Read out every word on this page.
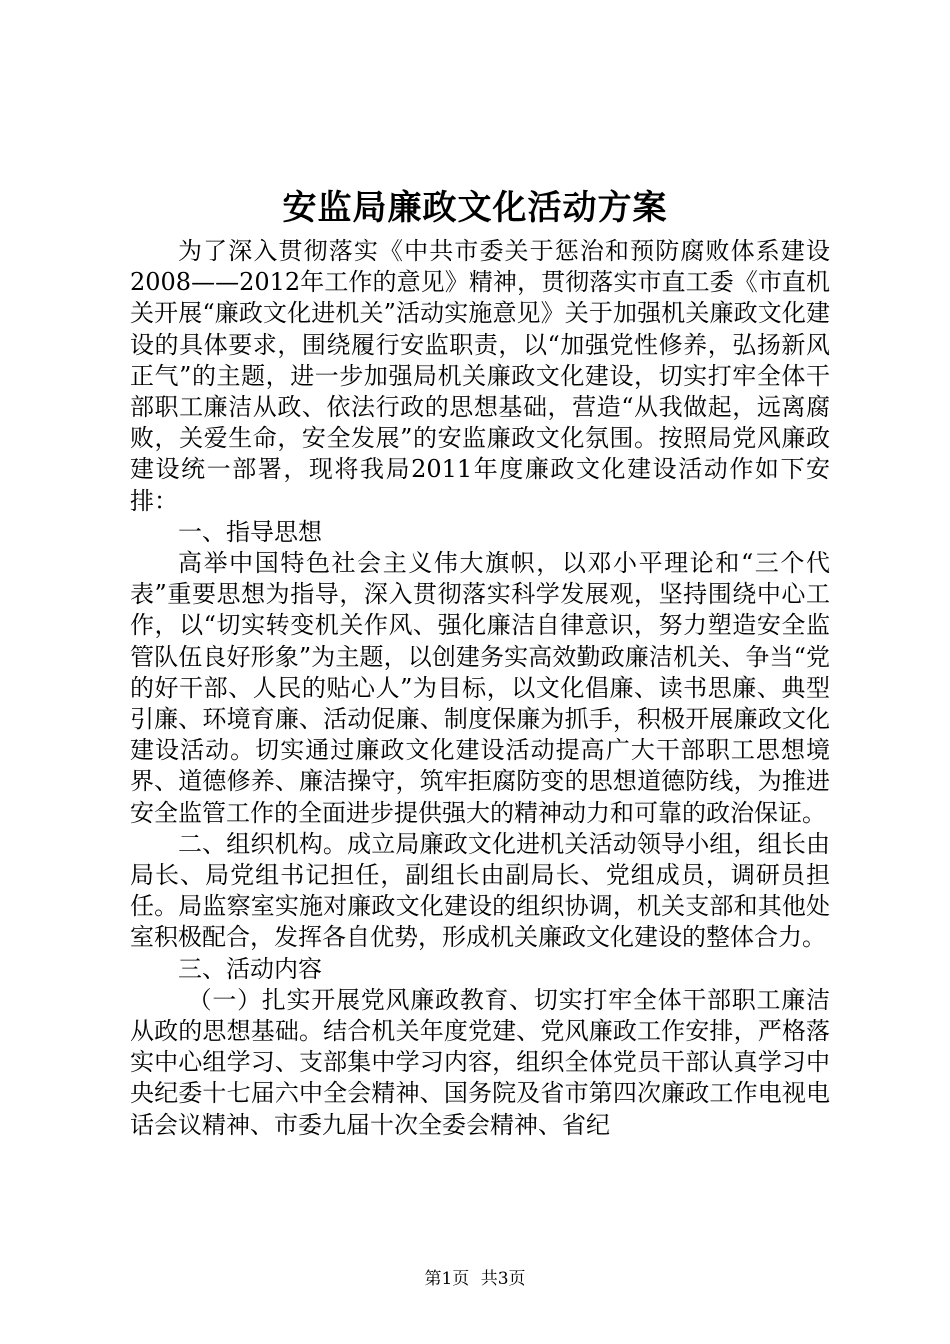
安监局廉政文化活动方案

为了深入贯彻落实《中共市委关于惩治和预防腐败体系建设2008——2012年工作的意见》精神，贯彻落实市直工委《市直机关开展“廉政文化进机关”活动实施意见》关于加强机关廉政文化建设的具体要求，围绕履行安监职责，以“加强党性修养，弘扬新风正气”的主题，进一步加强局机关廉政文化建设，切实打牢全体干部职工廉洁从政、依法行政的思想基础，营造“从我做起，远离腐败，关爱生命，安全发展”的安监廉政文化氛围。按照局党风廉政建设统一部署，现将我局2011年度廉政文化建设活动作如下安排：

一、指导思想

高举中国特色社会主义伟大旗帜，以邓小平理论和“三个代表”重要思想为指导，深入贯彻落实科学发展观，坚持围绕中心工作，以“切实转变机关作风、强化廉洁自律意识，努力塑造安全监管队伍良好形象”为主题，以创建务实高效勤政廉洁机关、争当“党的好干部、人民的贴心人”为目标，以文化倡廉、读书思廉、典型引廉、环境育廉、活动促廉、制度保廉为抓手，积极开展廉政文化建设活动。切实通过廉政文化建设活动提高广大干部职工思想境界、道德修养、廉洁操守，筑牢拒腐防变的思想道德防线，为推进安全监管工作的全面进步提供强大的精神动力和可靠的政治保证。

二、组织机构。成立局廉政文化进机关活动领导小组，组长由局长、局党组书记担任，副组长由副局长、党组成员，调研员担任。局监察室实施对廉政文化建设的组织协调，机关支部和其他处室积极配合，发挥各自优势，形成机关廉政文化建设的整体合力。

三、活动内容

（一）扎实开展党风廉政教育、切实打牢全体干部职工廉洁从政的思想基础。结合机关年度党建、党风廉政工作安排，严格落实中心组学习、支部集中学习内容，组织全体党员干部认真学习中央纪委十七届六中全会精神、国务院及省市第四次廉政工作电视电话会议精神、市委九届十次全委会精神、省纪

第1页 共3页
